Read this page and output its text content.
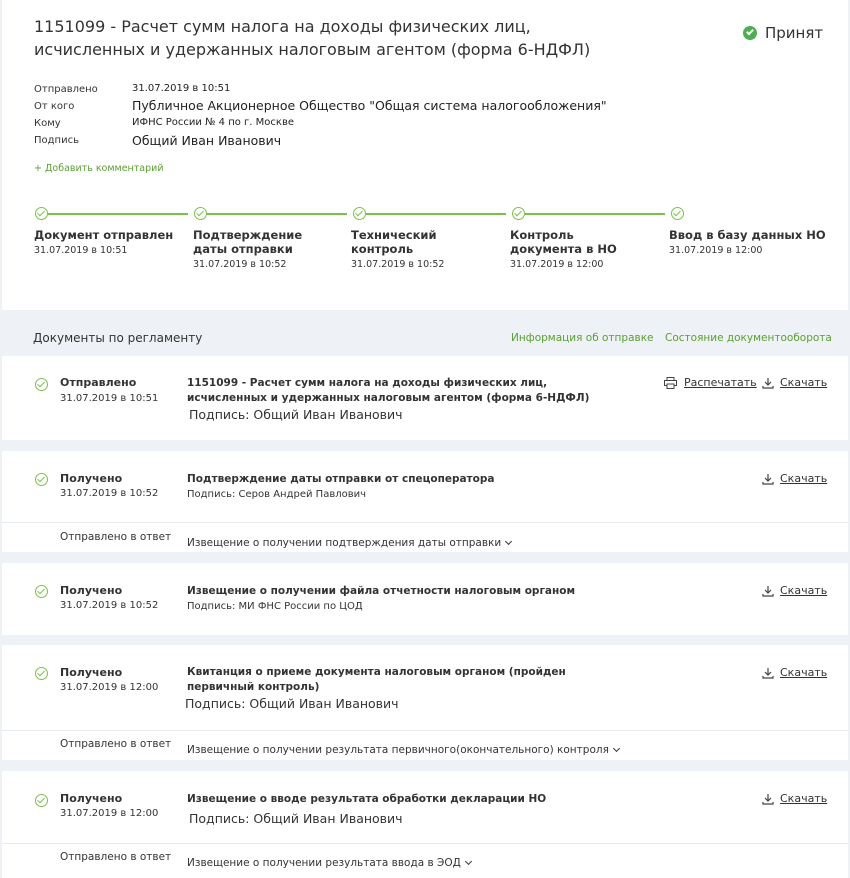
1151099 - Расчет сумм налога на доходы физических лиц,
исчисленных и удержанных налоговым агентом (форма 6-НДФЛ)
Принят
Отправлено	31.07.2019 в 10:51
От кого	Публичное Акционерное Общество "Общая система налогообложения"
Кому	ИФНС России № 4 по г. Москве
Подпись	Общий Иван Иванович
+ Добавить комментарий
Документ отправлен
31.07.2019 в 10:51
Подтверждение даты отправки
31.07.2019 в 10:52
Технический контроль
31.07.2019 в 10:52
Контроль документа в НО
31.07.2019 в 12:00
Ввод в базу данных НО
31.07.2019 в 12:00
Документы по регламенту	Информация об отправке Состояние документооборота
Отправлено
31.07.2019 в 10:51
1151099 - Расчет сумм налога на доходы физических лиц,
исчисленных и удержанных налоговым агентом (форма 6-НДФЛ)
Подпись: Общий Иван Иванович
Распечатать Скачать
Получено
31.07.2019 в 10:52
Подтверждение даты отправки от спецоператора
Подпись: Серов Андрей Павлович
Скачать
Отправлено в ответ Извещение о получении подтверждения даты отправки
Получено
31.07.2019 в 10:52
Извещение о получении файла отчетности налоговым органом
Подпись: МИ ФНС России по ЦОД
Скачать
Получено
31.07.2019 в 12:00
Квитанция о приеме документа налоговым органом (пройден
первичный контроль)
Подпись: Общий Иван Иванович
Скачать
Отправлено в ответ Извещение о получении результата первичного(окончательного) контроля
Получено
31.07.2019 в 12:00
Извещение о вводе результата обработки декларации НО
Подпись: Общий Иван Иванович
Скачать
Отправлено в ответ Извещение о получении результата ввода в ЭОД
